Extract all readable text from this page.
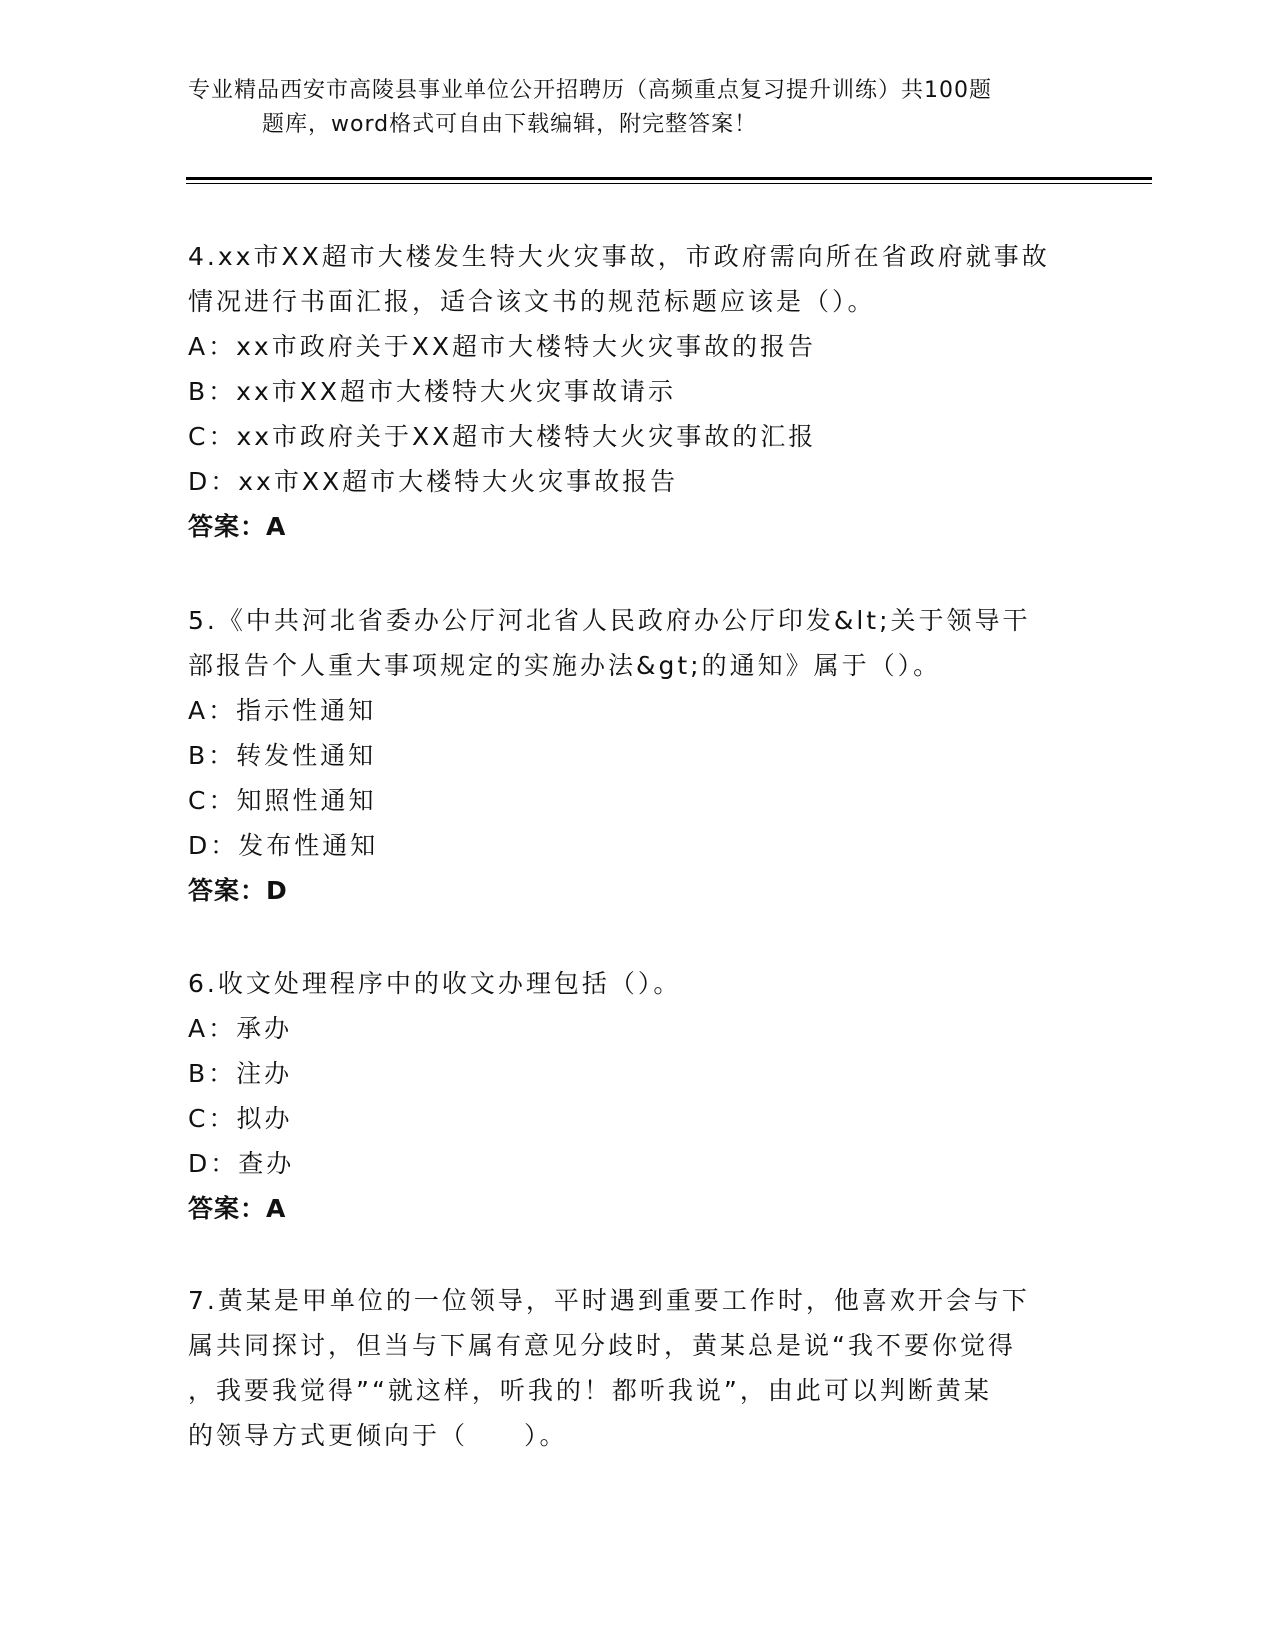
专业精品西安市高陵县事业单位公开招聘历（高频重点复习提升训练）共100题
题库，word格式可自由下载编辑，附完整答案！
4.xx市XX超市大楼发生特大火灾事故，市政府需向所在省政府就事故
情况进行书面汇报，适合该文书的规范标题应该是（）。
A：xx市政府关于XX超市大楼特大火灾事故的报告
B：xx市XX超市大楼特大火灾事故请示
C：xx市政府关于XX超市大楼特大火灾事故的汇报
D：xx市XX超市大楼特大火灾事故报告
答案：A
5.《中共河北省委办公厅河北省人民政府办公厅印发&lt;关于领导干
部报告个人重大事项规定的实施办法&gt;的通知》属于（）。
A：指示性通知
B：转发性通知
C：知照性通知
D：发布性通知
答案：D
6.收文处理程序中的收文办理包括（）。
A：承办
B：注办
C：拟办
D：查办
答案：A
7.黄某是甲单位的一位领导，平时遇到重要工作时，他喜欢开会与下
属共同探讨，但当与下属有意见分歧时，黄某总是说“我不要你觉得
，我要我觉得”“就这样，听我的！都听我说”，由此可以判断黄某
的领导方式更倾向于（　　）。
